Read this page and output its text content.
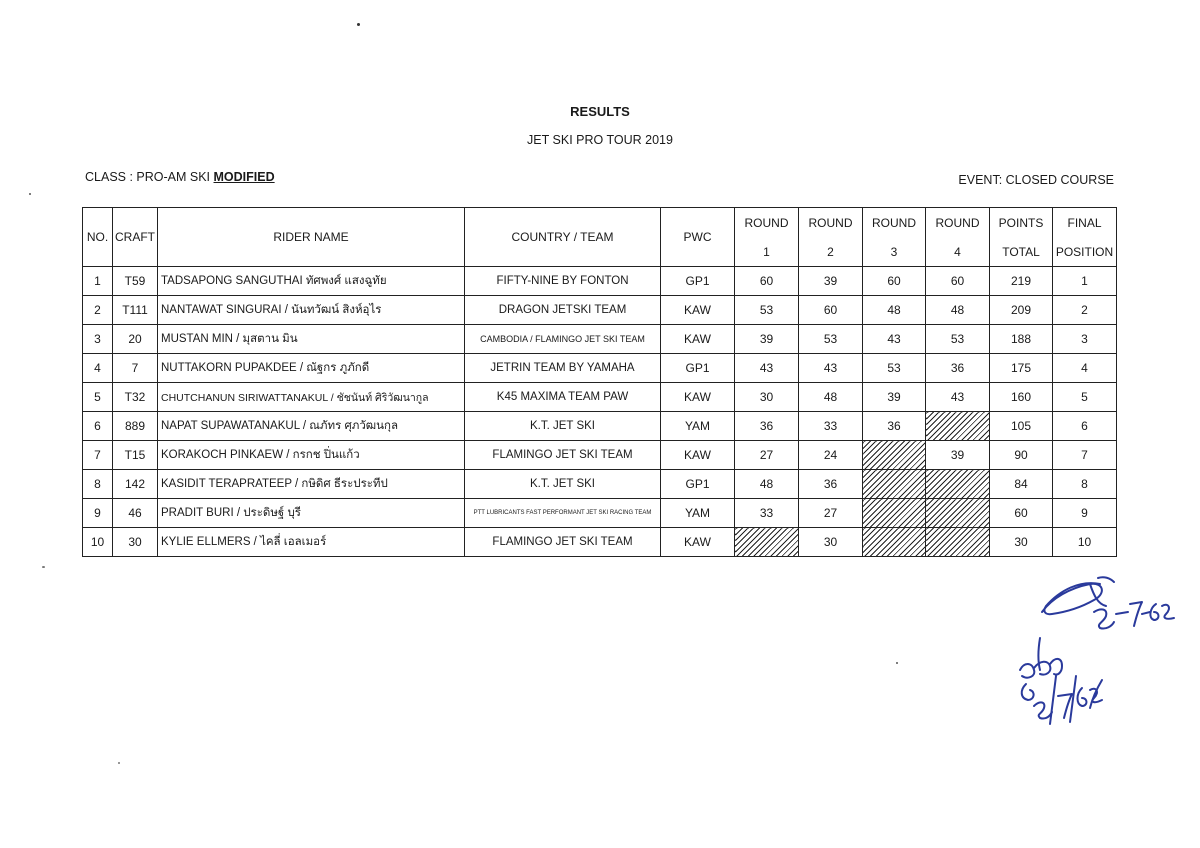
RESULTS
JET SKI PRO TOUR 2019
CLASS : PRO-AM SKI MODIFIED	EVENT: CLOSED COURSE
NO.	CRAFT	RIDER NAME	COUNTRY / TEAM	PWC	ROUND	ROUND	ROUND	ROUND	POINTS	FINAL
					1	2	3	4	TOTAL	POSITION
1	T59	TADSAPONG SANGUTHAI ทัศพงศ์ แสงฉูทัย	FIFTY-NINE BY FONTON	GP1	60	39	60	60	219	1
2	T111	NANTAWAT SINGURAI / นันทวัฒน์ สิงห์อุไร	DRAGON JETSKI TEAM	KAW	53	60	48	48	209	2
3	20	MUSTAN MIN / มุสตาน มิน	CAMBODIA / FLAMINGO JET SKI TEAM	KAW	39	53	43	53	188	3
4	7	NUTTAKORN PUPAKDEE / ณัฐกร ภูภักดี	JETRIN TEAM BY YAMAHA	GP1	43	43	53	36	175	4
5	T32	CHUTCHANUN SIRIWATTANAKUL / ชัชนันท์ ศิริวัฒนากูล	K45 MAXIMA TEAM PAW	KAW	30	48	39	43	160	5
6	889	NAPAT SUPAWATANAKUL / ณภัทร ศุภวัฒนกุล	K.T. JET SKI	YAM	36	33	36		105	6
7	T15	KORAKOCH PINKAEW / กรกช ปิ่นแก้ว	FLAMINGO JET SKI TEAM	KAW	27	24		39	90	7
8	142	KASIDIT TERAPRATEEP / กษิดิศ ธีระประทีป	K.T. JET SKI	GP1	48	36			84	8
9	46	PRADIT BURI / ประดิษฐ์ บุรี	PTT LUBRICANTS FAST PERFORMANT JET SKI RACING TEAM	YAM	33	27			60	9
10	30	KYLIE ELLMERS / ไคลี่ เอลเมอร์	FLAMINGO JET SKI TEAM	KAW		30			30	10
